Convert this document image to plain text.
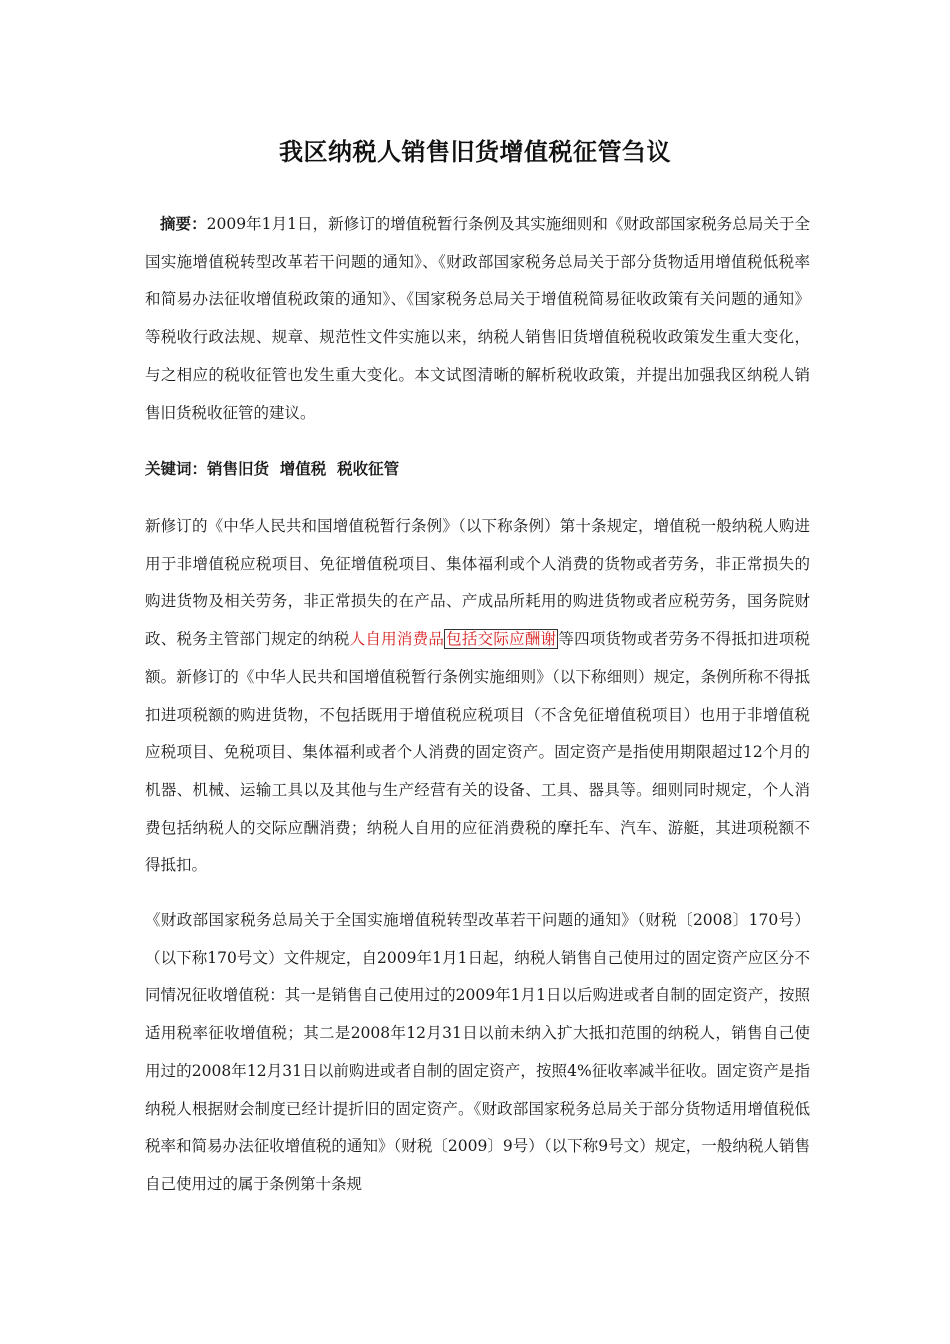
我区纳税人销售旧货增值税征管刍议
摘要：2009年1月1日，新修订的增值税暂行条例及其实施细则和《财政部国家税务总局关于全国实施增值税转型改革若干问题的通知》、《财政部国家税务总局关于部分货物适用增值税低税率和简易办法征收增值税政策的通知》、《国家税务总局关于增值税简易征收政策有关问题的通知》等税收行政法规、规章、规范性文件实施以来，纳税人销售旧货增值税税收政策发生重大变化，与之相应的税收征管也发生重大变化。本文试图清晰的解析税收政策，并提出加强我区纳税人销售旧货税收征管的建议。
关键词：销售旧货  增值税  税收征管
新修订的《中华人民共和国增值税暂行条例》（以下称条例）第十条规定，增值税一般纳税人购进用于非增值税应税项目、免征增值税项目、集体福利或个人消费的货物或者劳务，非正常损失的购进货物及相关劳务，非正常损失的在产品、产成品所耗用的购进货物或者应税劳务，国务院财政、税务主管部门规定的纳税人自用消费品 包括交际应酬谢 等四项货物或者劳务不得抵扣进项税额。新修订的《中华人民共和国增值税暂行条例实施细则》（以下称细则）规定，条例所称不得抵扣进项税额的购进货物，不包括既用于增值税应税项目（不含免征增值税项目）也用于非增值税应税项目、免税项目、集体福利或者个人消费的固定资产。固定资产是指使用期限超过12个月的机器、机械、运输工具以及其他与生产经营有关的设备、工具、器具等。细则同时规定，个人消费包括纳税人的交际应酬消费；纳税人自用的应征消费税的摩托车、汽车、游艇，其进项税额不得抵扣。
《财政部国家税务总局关于全国实施增值税转型改革若干问题的通知》（财税〔2008〕170号）（以下称170号文）文件规定，自2009年1月1日起，纳税人销售自己使用过的固定资产应区分不同情况征收增值税：其一是销售自己使用过的2009年1月1日以后购进或者自制的固定资产，按照适用税率征收增值税；其二是2008年12月31日以前未纳入扩大抵扣范围的纳税人，销售自己使用过的2008年12月31日以前购进或者自制的固定资产，按照4%征收率减半征收。固定资产是指纳税人根据财会制度已经计提折旧的固定资产。《财政部国家税务总局关于部分货物适用增值税低税率和简易办法征收增值税的通知》（财税〔2009〕9号）（以下称9号文）规定，一般纳税人销售自己使用过的属于条例第十条规
